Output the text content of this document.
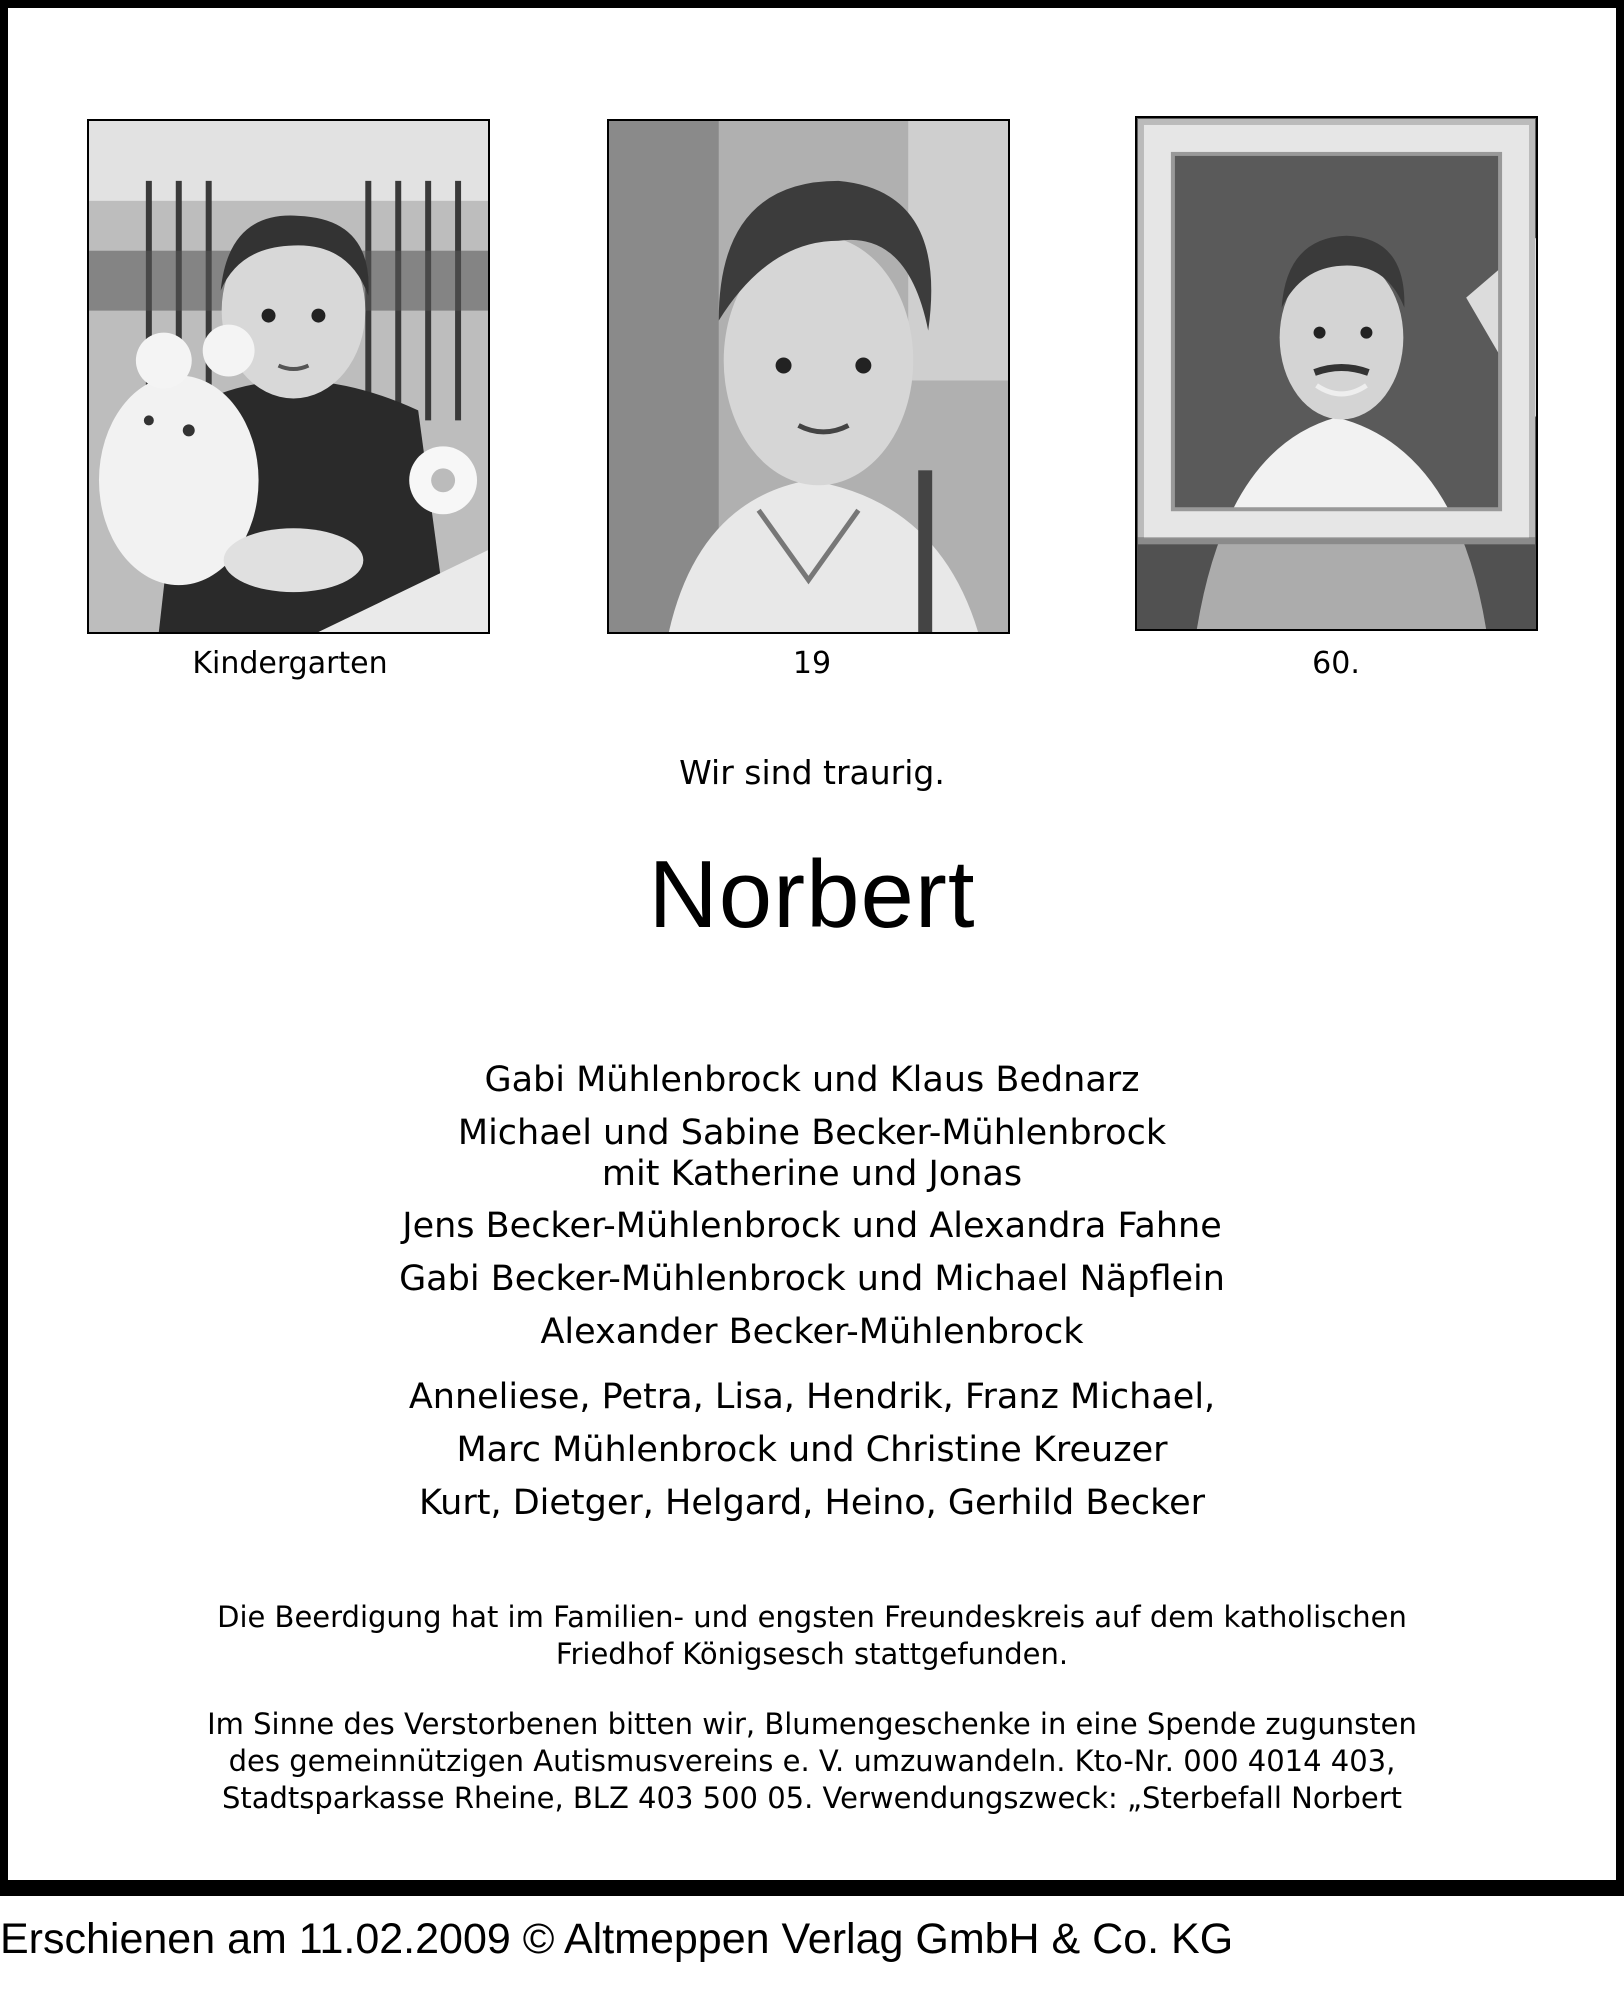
Kindergarten	19	60.
Wir sind traurig.
Norbert
Gabi Mühlenbrock und Klaus Bednarz
Michael und Sabine Becker-Mühlenbrock
mit Katherine und Jonas
Jens Becker-Mühlenbrock und Alexandra Fahne
Gabi Becker-Mühlenbrock und Michael Näpflein
Alexander Becker-Mühlenbrock
Anneliese, Petra, Lisa, Hendrik, Franz Michael,
Marc Mühlenbrock und Christine Kreuzer
Kurt, Dietger, Helgard, Heino, Gerhild Becker
Die Beerdigung hat im Familien- und engsten Freundeskreis auf dem katholischen
Friedhof Königsesch stattgefunden.
Im Sinne des Verstorbenen bitten wir, Blumengeschenke in eine Spende zugunsten
des gemeinnützigen Autismusvereins e. V. umzuwandeln. Kto-Nr. 000 4014 403,
Stadtsparkasse Rheine, BLZ 403 500 05. Verwendungszweck: „Sterbefall Norbert
Erschienen am 11.02.2009 © Altmeppen Verlag GmbH & Co. KG
